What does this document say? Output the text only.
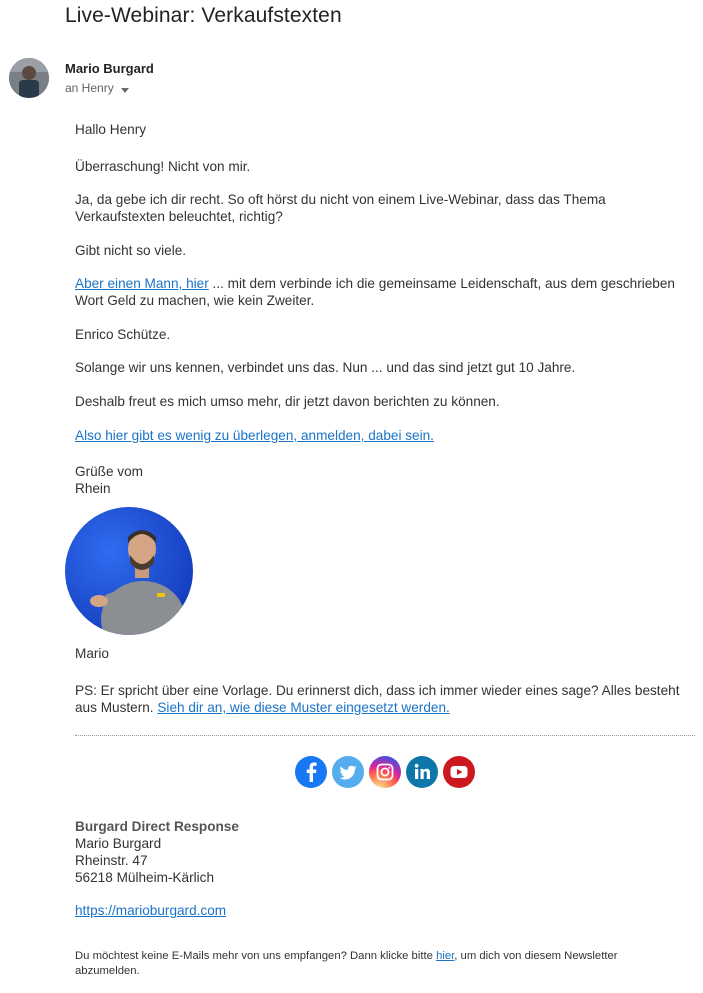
Live-Webinar: Verkaufstexten
Mario Burgard
an Henry

Hallo Henry

Überraschung! Nicht von mir.

Ja, da gebe ich dir recht. So oft hörst du nicht von einem Live-Webinar, dass das Thema
Verkaufstexten beleuchtet, richtig?

Gibt nicht so viele.

Aber einen Mann, hier ... mit dem verbinde ich die gemeinsame Leidenschaft, aus dem geschrieben
Wort Geld zu machen, wie kein Zweiter.

Enrico Schütze.

Solange wir uns kennen, verbindet uns das. Nun ... und das sind jetzt gut 10 Jahre.

Deshalb freut es mich umso mehr, dir jetzt davon berichten zu können.

Also hier gibt es wenig zu überlegen, anmelden, dabei sein.

Grüße vom
Rhein

Mario

PS: Er spricht über eine Vorlage. Du erinnerst dich, dass ich immer wieder eines sage? Alles besteht
aus Mustern. Sieh dir an, wie diese Muster eingesetzt werden.

Burgard Direct Response
Mario Burgard
Rheinstr. 47
56218 Mülheim-Kärlich

https://marioburgard.com

Du möchtest keine E-Mails mehr von uns empfangen? Dann klicke bitte hier, um dich von diesem Newsletter
abzumelden.
